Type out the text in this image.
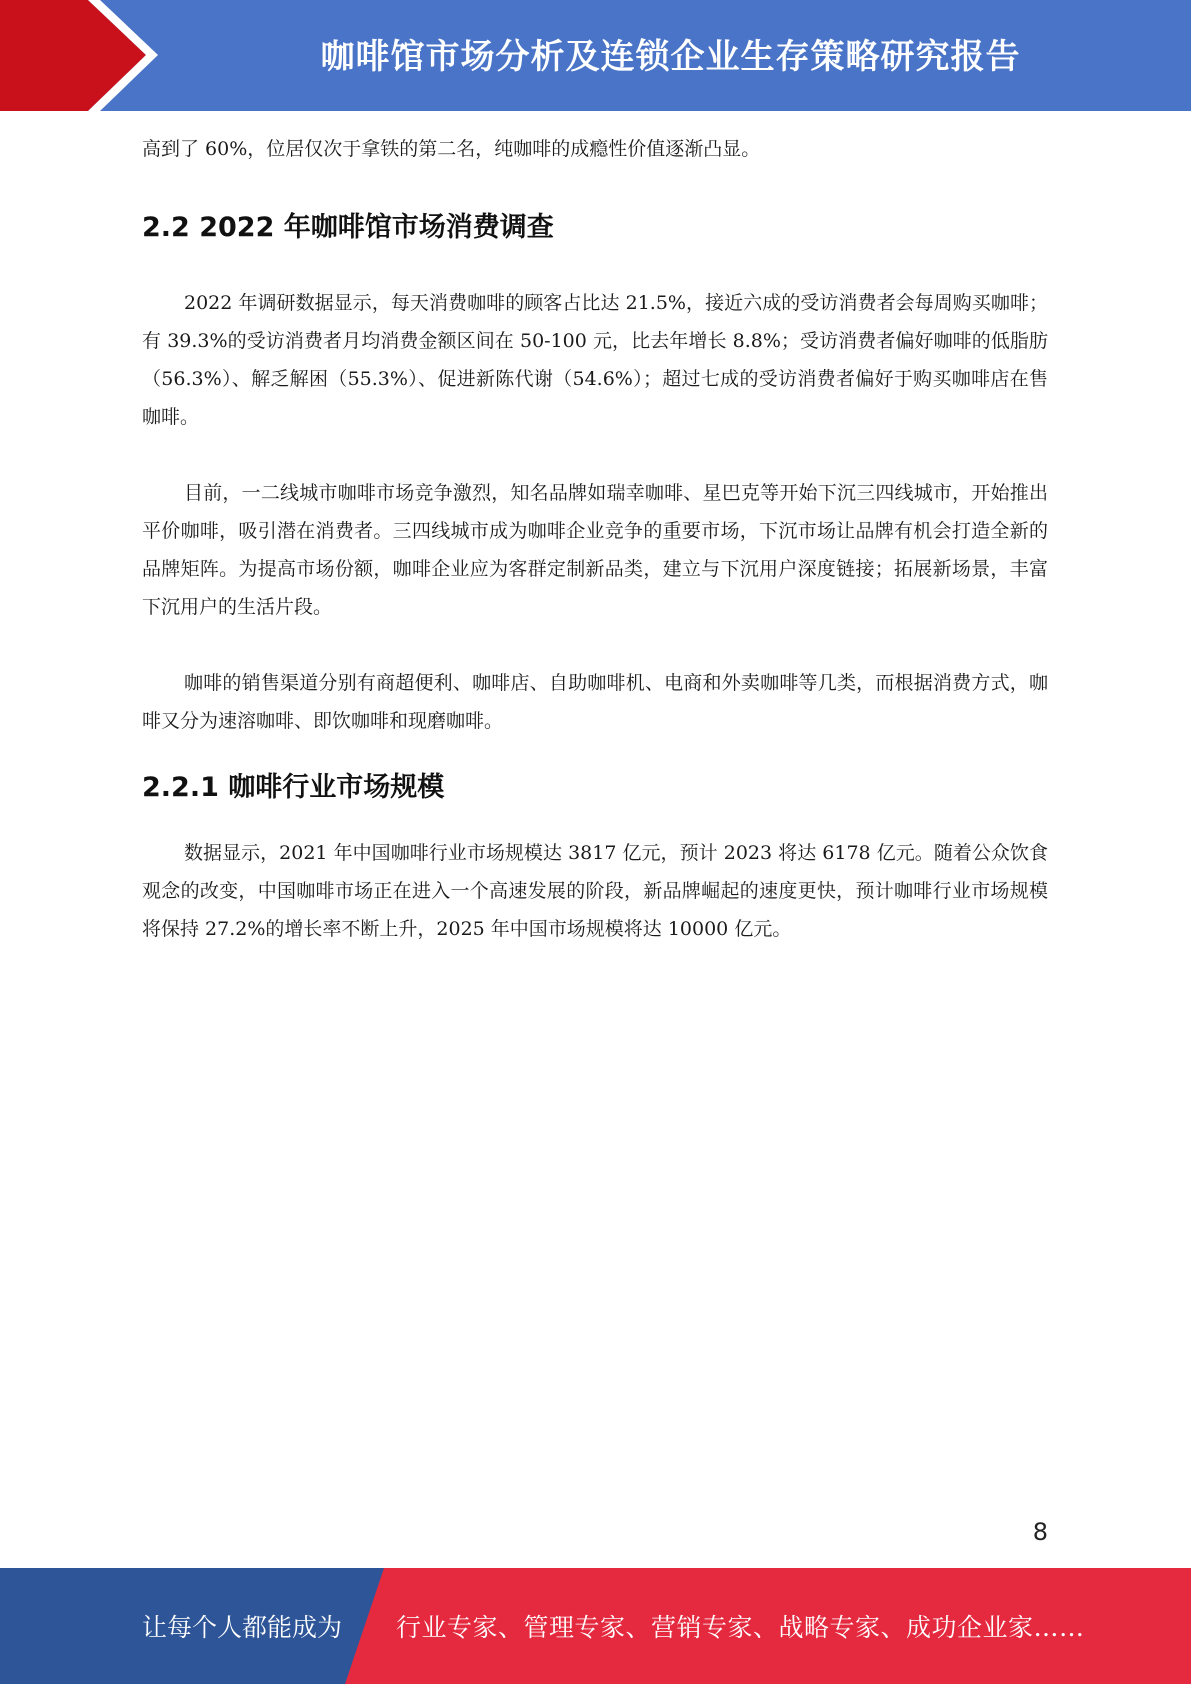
咖啡馆市场分析及连锁企业生存策略研究报告

高到了 60%，位居仅次于拿铁的第二名，纯咖啡的成瘾性价值逐渐凸显。

2.2 2022 年咖啡馆市场消费调查

2022 年调研数据显示，每天消费咖啡的顾客占比达 21.5%，接近六成的受访消费者会每周购买咖啡；有 39.3%的受访消费者月均消费金额区间在 50-100 元，比去年增长 8.8%；受访消费者偏好咖啡的低脂肪（56.3%）、解乏解困（55.3%）、促进新陈代谢（54.6%）；超过七成的受访消费者偏好于购买咖啡店在售咖啡。

目前，一二线城市咖啡市场竞争激烈，知名品牌如瑞幸咖啡、星巴克等开始下沉三四线城市，开始推出平价咖啡，吸引潜在消费者。三四线城市成为咖啡企业竞争的重要市场，下沉市场让品牌有机会打造全新的品牌矩阵。为提高市场份额，咖啡企业应为客群定制新品类，建立与下沉用户深度链接；拓展新场景，丰富下沉用户的生活片段。

咖啡的销售渠道分别有商超便利、咖啡店、自助咖啡机、电商和外卖咖啡等几类，而根据消费方式，咖啡又分为速溶咖啡、即饮咖啡和现磨咖啡。

2.2.1 咖啡行业市场规模

数据显示，2021 年中国咖啡行业市场规模达 3817 亿元，预计 2023 将达 6178 亿元。随着公众饮食观念的改变，中国咖啡市场正在进入一个高速发展的阶段，新品牌崛起的速度更快，预计咖啡行业市场规模将保持 27.2%的增长率不断上升，2025 年中国市场规模将达 10000 亿元。

8
让每个人都能成为 行业专家、管理专家、营销专家、战略专家、成功企业家……
